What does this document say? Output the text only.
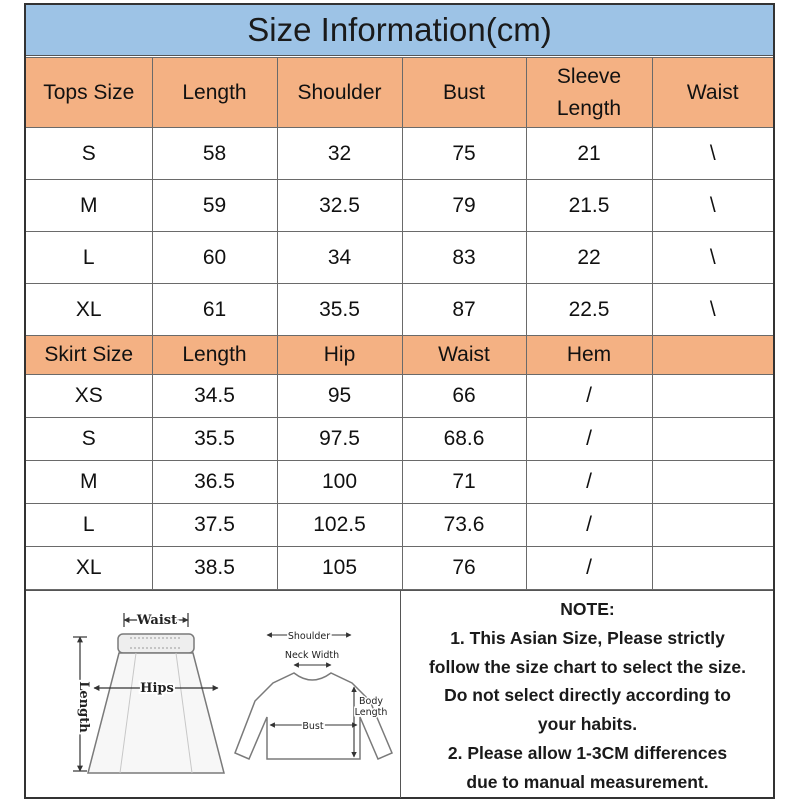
Size Information(cm)
Tops Size	Length	Shoulder	Bust	Sleeve Length	Waist
S	58	32	75	21	\
M	59	32.5	79	21.5	\
L	60	34	83	22	\
XL	61	35.5	87	22.5	\
Skirt Size	Length	Hip	Waist	Hem	
XS	34.5	95	66	/	
S	35.5	97.5	68.6	/	
M	36.5	100	71	/	
L	37.5	102.5	73.6	/	
XL	38.5	105	76	/	
Waist
Hips
Length
Shoulder
Neck Width
Body Length
Bust
NOTE:
1. This Asian Size, Please strictly
follow the size chart to select the size.
Do not select directly according to
your habits.
2. Please allow 1-3CM differences
due to manual measurement.
